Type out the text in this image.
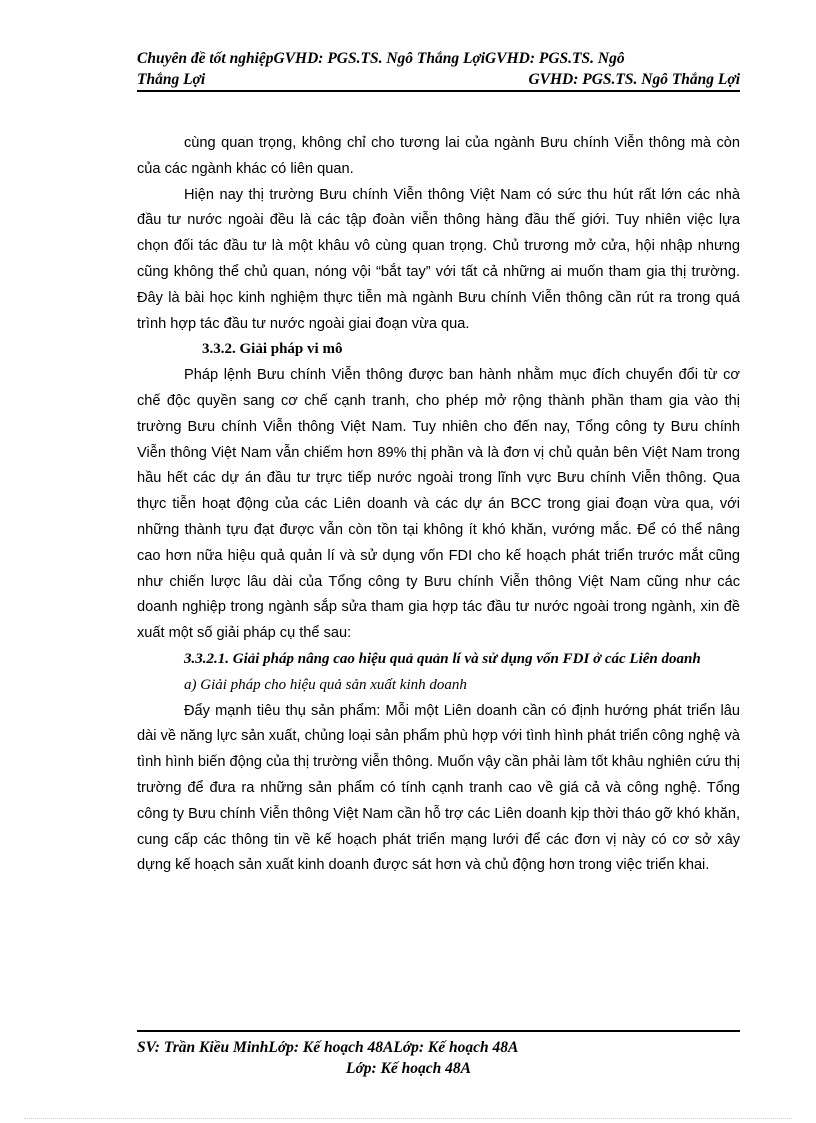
Chuyên đề tốt nghiệpGVHD: PGS.TS. Ngô Thắng LợiGVHD: PGS.TS. Ngô
Thắng Lợi	GVHD: PGS.TS. Ngô Thắng Lợi

cùng quan trọng, không chỉ cho tương lai của ngành Bưu chính Viễn thông mà còn của các ngành khác có liên quan.

Hiện nay thị trường Bưu chính Viễn thông Việt Nam có sức thu hút rất lớn các nhà đầu tư nước ngoài đều là các tập đoàn viễn thông hàng đầu thế giới. Tuy nhiên việc lựa chọn đối tác đầu tư là một khâu vô cùng quan trọng. Chủ trương mở cửa, hội nhập nhưng cũng không thể chủ quan, nóng vội “bắt tay” với tất cả những ai muốn tham gia thị trường. Đây là bài học kinh nghiệm thực tiễn mà ngành Bưu chính Viễn thông cần rút ra trong quá trình hợp tác đầu tư nước ngoài giai đoạn vừa qua.

3.3.2. Giải pháp vi mô

Pháp lệnh Bưu chính Viễn thông được ban hành nhằm mục đích chuyển đổi từ cơ chế độc quyền sang cơ chế cạnh tranh, cho phép mở rộng thành phần tham gia vào thị trường Bưu chính Viễn thông Việt Nam. Tuy nhiên cho đến nay, Tổng công ty Bưu chính Viễn thông Việt Nam vẫn chiếm hơn 89% thị phần và là đơn vị chủ quản bên Việt Nam trong hầu hết các dự án đầu tư trực tiếp nước ngoài trong lĩnh vực Bưu chính Viễn thông. Qua thực tiễn hoạt động của các Liên doanh và các dự án BCC trong giai đoạn vừa qua, với những thành tựu đạt được vẫn còn tồn tại không ít khó khăn, vướng mắc. Để có thể nâng cao hơn nữa hiệu quả quản lí và sử dụng vốn FDI cho kế hoạch phát triển trước mắt cũng như chiến lược lâu dài của Tổng công ty Bưu chính Viễn thông Việt Nam cũng như các doanh nghiệp trong ngành sắp sửa tham gia hợp tác đầu tư nước ngoài trong ngành, xin đề xuất một số giải pháp cụ thể sau:

3.3.2.1. Giải pháp nâng cao hiệu quả quản lí và sử dụng vốn FDI ở các Liên doanh

a) Giải pháp cho hiệu quả sản xuất kinh doanh

Đẩy mạnh tiêu thụ sản phẩm: Mỗi một Liên doanh cần có định hướng phát triển lâu dài về năng lực sản xuất, chủng loại sản phẩm phù hợp với tình hình phát triển công nghệ và tình hình biến động của thị trường viễn thông. Muốn vậy cần phải làm tốt khâu nghiên cứu thị trường để đưa ra những sản phẩm có tính cạnh tranh cao về giá cả và công nghệ. Tổng công ty Bưu chính Viễn thông Việt Nam cần hỗ trợ các Liên doanh kịp thời tháo gỡ khó khăn, cung cấp các thông tin về kế hoạch phát triển mạng lưới để các đơn vị này có cơ sở xây dựng kế hoạch sản xuất kinh doanh được sát hơn và chủ động hơn trong việc triển khai.

SV: Trần Kiều MinhLớp: Kế hoạch 48ALớp: Kế hoạch 48A
Lớp: Kế hoạch 48A
